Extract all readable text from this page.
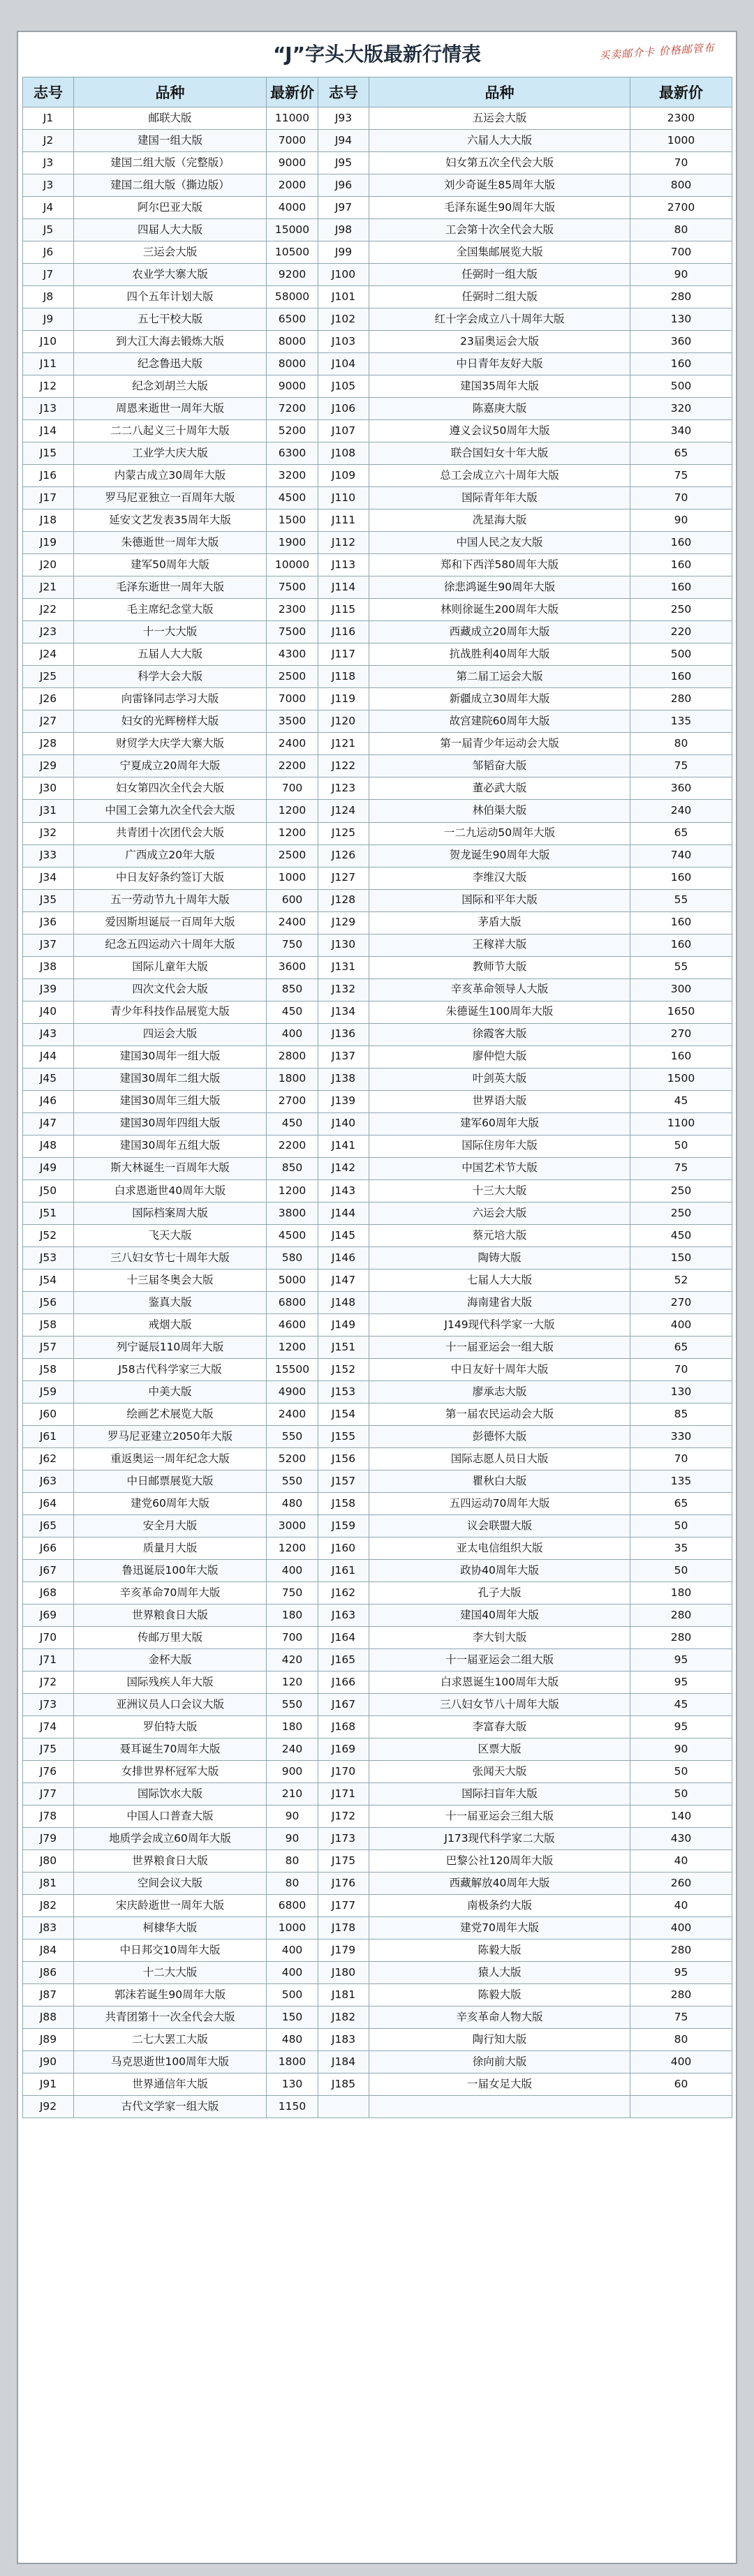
“J”字头大版最新行情表	买卖邮介卡 价格邮管布
志号	品种	最新价	志号	品种	最新价
J1	邮联大版	11000	J93	五运会大版	2300
J2	建国一组大版	7000	J94	六届人大大版	1000
J3	建国二组大版（完整版）	9000	J95	妇女第五次全代会大版	70
J3	建国二组大版（撕边版）	2000	J96	刘少奇诞生85周年大版	800
J4	阿尔巴亚大版	4000	J97	毛泽东诞生90周年大版	2700
J5	四届人大大版	15000	J98	工会第十次全代会大版	80
J6	三运会大版	10500	J99	全国集邮展览大版	700
J7	农业学大寨大版	9200	J100	任弼时一组大版	90
J8	四个五年计划大版	58000	J101	任弼时二组大版	280
J9	五七干校大版	6500	J102	红十字会成立八十周年大版	130
J10	到大江大海去锻炼大版	8000	J103	23届奥运会大版	360
J11	纪念鲁迅大版	8000	J104	中日青年友好大版	160
J12	纪念刘胡兰大版	9000	J105	建国35周年大版	500
J13	周恩来逝世一周年大版	7200	J106	陈嘉庚大版	320
J14	二二八起义三十周年大版	5200	J107	遵义会议50周年大版	340
J15	工业学大庆大版	6300	J108	联合国妇女十年大版	65
J16	内蒙古成立30周年大版	3200	J109	总工会成立六十周年大版	75
J17	罗马尼亚独立一百周年大版	4500	J110	国际青年年大版	70
J18	延安文艺发表35周年大版	1500	J111	冼星海大版	90
J19	朱德逝世一周年大版	1900	J112	中国人民之友大版	160
J20	建军50周年大版	10000	J113	郑和下西洋580周年大版	160
J21	毛泽东逝世一周年大版	7500	J114	徐悲鸿诞生90周年大版	160
J22	毛主席纪念堂大版	2300	J115	林则徐诞生200周年大版	250
J23	十一大大版	7500	J116	西藏成立20周年大版	220
J24	五届人大大版	4300	J117	抗战胜利40周年大版	500
J25	科学大会大版	2500	J118	第二届工运会大版	160
J26	向雷锋同志学习大版	7000	J119	新疆成立30周年大版	280
J27	妇女的光辉榜样大版	3500	J120	故宫建院60周年大版	135
J28	财贸学大庆学大寨大版	2400	J121	第一届青少年运动会大版	80
J29	宁夏成立20周年大版	2200	J122	邹韬奋大版	75
J30	妇女第四次全代会大版	700	J123	董必武大版	360
J31	中国工会第九次全代会大版	1200	J124	林伯渠大版	240
J32	共青团十次团代会大版	1200	J125	一二九运动50周年大版	65
J33	广西成立20年大版	2500	J126	贺龙诞生90周年大版	740
J34	中日友好条约签订大版	1000	J127	李维汉大版	160
J35	五一劳动节九十周年大版	600	J128	国际和平年大版	55
J36	爱因斯坦诞辰一百周年大版	2400	J129	茅盾大版	160
J37	纪念五四运动六十周年大版	750	J130	王稼祥大版	160
J38	国际儿童年大版	3600	J131	教师节大版	55
J39	四次文代会大版	850	J132	辛亥革命领导人大版	300
J40	青少年科技作品展览大版	450	J134	朱德诞生100周年大版	1650
J43	四运会大版	400	J136	徐霞客大版	270
J44	建国30周年一组大版	2800	J137	廖仲恺大版	160
J45	建国30周年二组大版	1800	J138	叶剑英大版	1500
J46	建国30周年三组大版	2700	J139	世界语大版	45
J47	建国30周年四组大版	450	J140	建军60周年大版	1100
J48	建国30周年五组大版	2200	J141	国际住房年大版	50
J49	斯大林诞生一百周年大版	850	J142	中国艺术节大版	75
J50	白求恩逝世40周年大版	1200	J143	十三大大版	250
J51	国际档案周大版	3800	J144	六运会大版	250
J52	飞天大版	4500	J145	蔡元培大版	450
J53	三八妇女节七十周年大版	580	J146	陶铸大版	150
J54	十三届冬奥会大版	5000	J147	七届人大大版	52
J56	鉴真大版	6800	J148	海南建省大版	270
J58	戒烟大版	4600	J149	J149现代科学家一大版	400
J57	列宁诞辰110周年大版	1200	J151	十一届亚运会一组大版	65
J58	J58古代科学家三大版	15500	J152	中日友好十周年大版	70
J59	中美大版	4900	J153	廖承志大版	130
J60	绘画艺术展览大版	2400	J154	第一届农民运动会大版	85
J61	罗马尼亚建立2050年大版	550	J155	彭德怀大版	330
J62	重返奥运一周年纪念大版	5200	J156	国际志愿人员日大版	70
J63	中日邮票展览大版	550	J157	瞿秋白大版	135
J64	建党60周年大版	480	J158	五四运动70周年大版	65
J65	安全月大版	3000	J159	议会联盟大版	50
J66	质量月大版	1200	J160	亚太电信组织大版	35
J67	鲁迅诞辰100年大版	400	J161	政协40周年大版	50
J68	辛亥革命70周年大版	750	J162	孔子大版	180
J69	世界粮食日大版	180	J163	建国40周年大版	280
J70	传邮万里大版	700	J164	李大钊大版	280
J71	金杯大版	420	J165	十一届亚运会二组大版	95
J72	国际残疾人年大版	120	J166	白求恩诞生100周年大版	95
J73	亚洲议员人口会议大版	550	J167	三八妇女节八十周年大版	45
J74	罗伯特大版	180	J168	李富春大版	95
J75	聂耳诞生70周年大版	240	J169	区票大版	90
J76	女排世界杯冠军大版	900	J170	张闻天大版	50
J77	国际饮水大版	210	J171	国际扫盲年大版	50
J78	中国人口普查大版	90	J172	十一届亚运会三组大版	140
J79	地质学会成立60周年大版	90	J173	J173现代科学家二大版	430
J80	世界粮食日大版	80	J175	巴黎公社120周年大版	40
J81	空间会议大版	80	J176	西藏解放40周年大版	260
J82	宋庆龄逝世一周年大版	6800	J177	南极条约大版	40
J83	柯棣华大版	1000	J178	建党70周年大版	400
J84	中日邦交10周年大版	400	J179	陈毅大版	280
J86	十二大大版	400	J180	猿人大版	95
J87	郭沫若诞生90周年大版	500	J181	陈毅大版	280
J88	共青团第十一次全代会大版	150	J182	辛亥革命人物大版	75
J89	二七大罢工大版	480	J183	陶行知大版	80
J90	马克思逝世100周年大版	1800	J184	徐向前大版	400
J91	世界通信年大版	130	J185	一届女足大版	60
J92	古代文学家一组大版	1150			
